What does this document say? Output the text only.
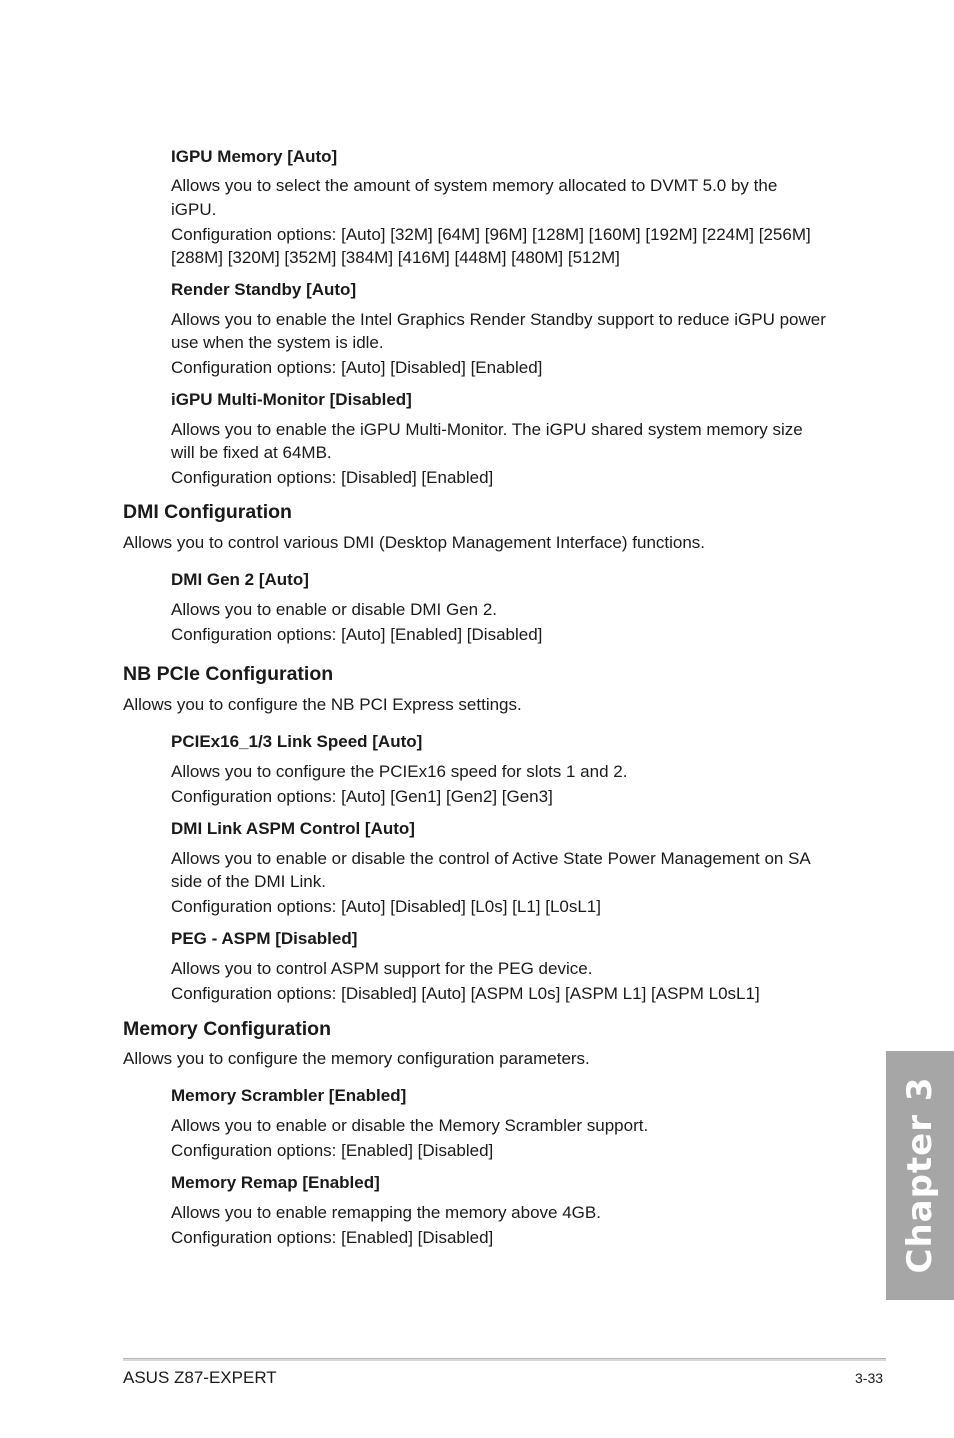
IGPU Memory [Auto]
Allows you to select the amount of system memory allocated to DVMT 5.0 by the
iGPU.
Configuration options: [Auto] [32M] [64M] [96M] [128M] [160M] [192M] [224M] [256M]
[288M] [320M] [352M] [384M] [416M] [448M] [480M] [512M]
Render Standby [Auto]
Allows you to enable the Intel Graphics Render Standby support to reduce iGPU power
use when the system is idle.
Configuration options: [Auto] [Disabled] [Enabled]
iGPU Multi-Monitor [Disabled]
Allows you to enable the iGPU Multi-Monitor. The iGPU shared system memory size
will be fixed at 64MB.
Configuration options: [Disabled] [Enabled]
DMI Configuration
Allows you to control various DMI (Desktop Management Interface) functions.
DMI Gen 2 [Auto]
Allows you to enable or disable DMI Gen 2.
Configuration options: [Auto] [Enabled] [Disabled]
NB PCIe Configuration
Allows you to configure the NB PCI Express settings.
PCIEx16_1/3 Link Speed [Auto]
Allows you to configure the PCIEx16 speed for slots 1 and 2.
Configuration options: [Auto] [Gen1] [Gen2] [Gen3]
DMI Link ASPM Control [Auto]
Allows you to enable or disable the control of Active State Power Management on SA
side of the DMI Link.
Configuration options: [Auto] [Disabled] [L0s] [L1] [L0sL1]
PEG - ASPM [Disabled]
Allows you to control ASPM support for the PEG device.
Configuration options: [Disabled] [Auto] [ASPM L0s] [ASPM L1] [ASPM L0sL1]
Memory Configuration
Allows you to configure the memory configuration parameters.
Memory Scrambler [Enabled]
Allows you to enable or disable the Memory Scrambler support.
Configuration options: [Enabled] [Disabled]
Memory Remap [Enabled]
Allows you to enable remapping the memory above 4GB.
Configuration options: [Enabled] [Disabled]	Chapter 3
ASUS Z87-EXPERT	3-33
